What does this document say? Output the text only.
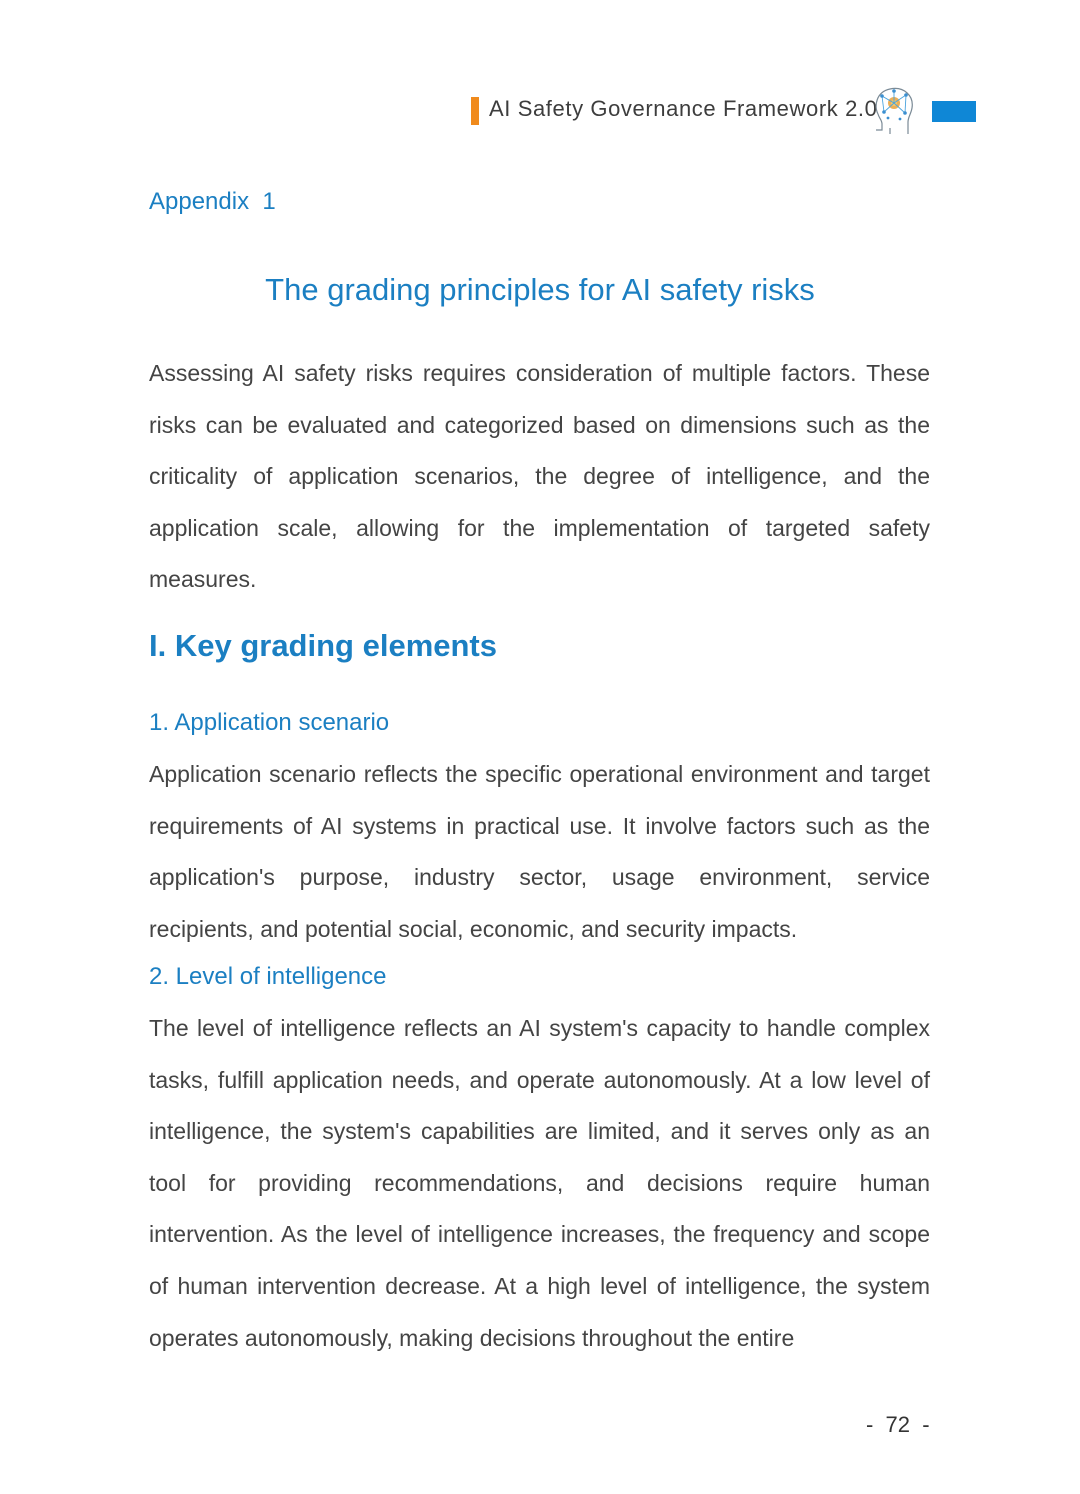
AI Safety Governance Framework 2.0
Appendix  1
The grading principles for AI safety risks
Assessing AI safety risks requires consideration of multiple factors. These risks can be evaluated and categorized based on dimensions such as the criticality of application scenarios, the degree of intelligence, and the application scale, allowing for the implementation of targeted safety measures.
I. Key grading elements
1. Application scenario
Application scenario reflects the specific operational environment and target requirements of AI systems in practical use. It involve factors such as the application's purpose, industry sector, usage environment, service recipients, and potential social, economic, and security impacts.
2. Level of intelligence
The level of intelligence reflects an AI system's capacity to handle complex tasks, fulfill application needs, and operate autonomously. At a low level of intelligence, the system's capabilities are limited, and it serves only as an tool for providing recommendations, and decisions require human intervention. As the level of intelligence increases, the frequency and scope of human intervention decrease. At a high level of intelligence, the system operates autonomously, making decisions throughout the entire
-  72  -
